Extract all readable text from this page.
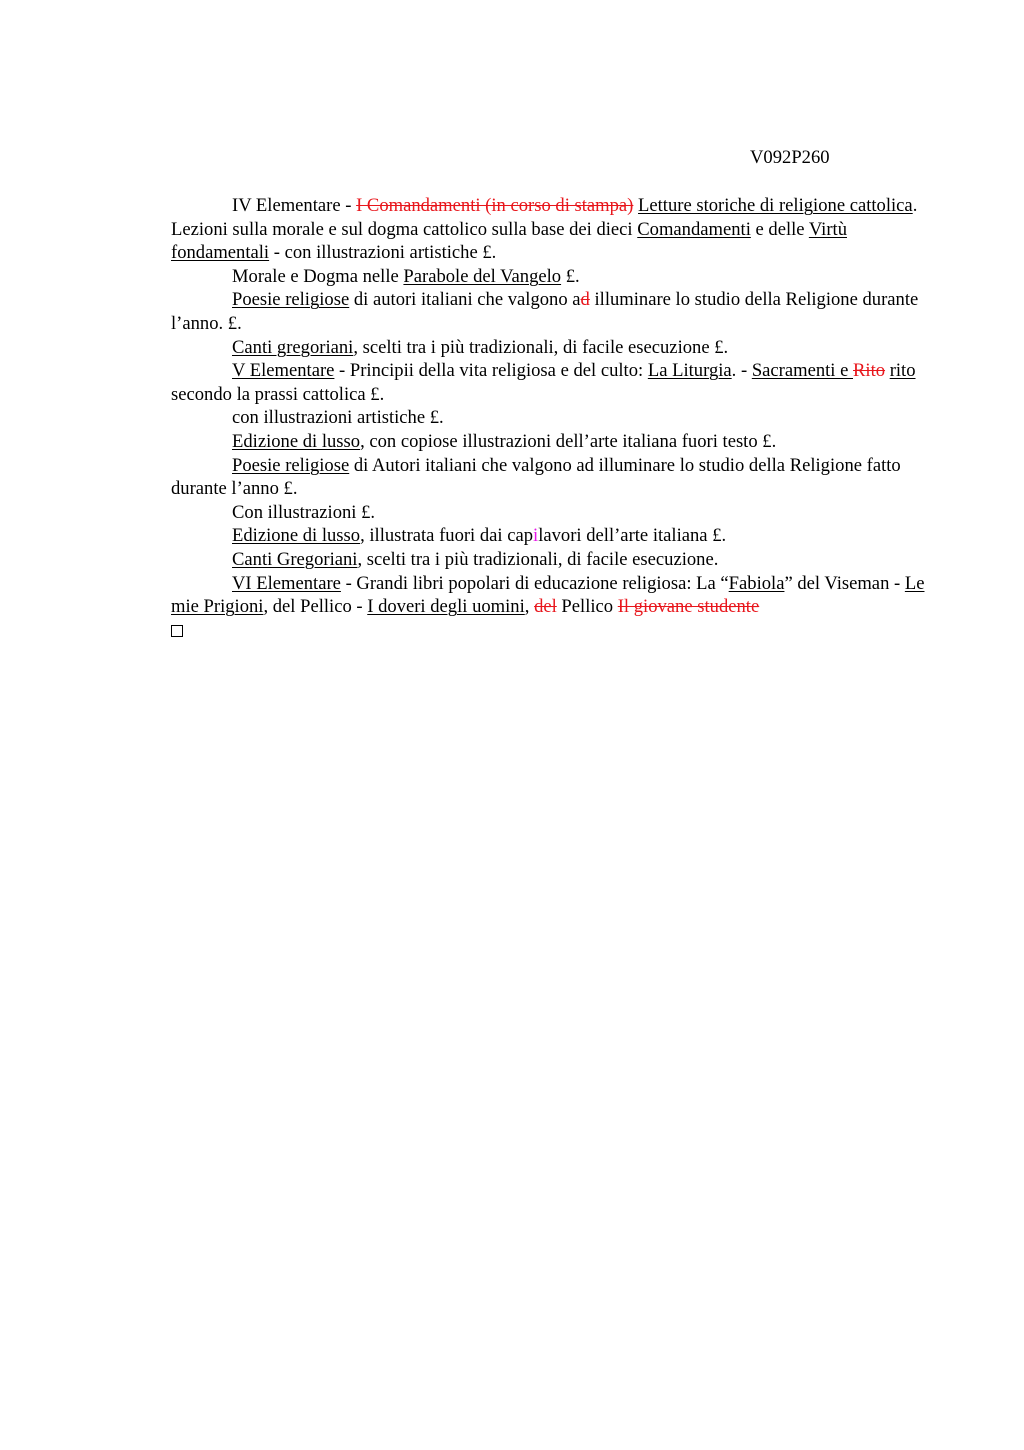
V092P260

IV Elementare - I Comandamenti (in corso di stampa) Letture storiche di religione cattolica. Lezioni sulla morale e sul dogma cattolico sulla base dei dieci Comandamenti e delle Virtù fondamentali - con illustrazioni artistiche £.

Morale e Dogma nelle Parabole del Vangelo £.

Poesie religiose di autori italiani che valgono ad illuminare lo studio della Religione durante l’anno. £.

Canti gregoriani, scelti tra i più tradizionali, di facile esecuzione £.

V Elementare - Principii della vita religiosa e del culto: La Liturgia. - Sacramenti e Rito rito secondo la prassi cattolica £.

con illustrazioni artistiche £.

Edizione di lusso, con copiose illustrazioni dell’arte italiana fuori testo £.

Poesie religiose di Autori italiani che valgono ad illuminare lo studio della Religione fatto durante l’anno £.

Con illustrazioni £.

Edizione di lusso, illustrata fuori dai capilavori dell’arte italiana £.

Canti Gregoriani, scelti tra i più tradizionali, di facile esecuzione.

VI Elementare - Grandi libri popolari di educazione religiosa: La “Fabiola” del Viseman - Le mie Prigioni, del Pellico - I doveri degli uomini, del Pellico Il giovane studente
